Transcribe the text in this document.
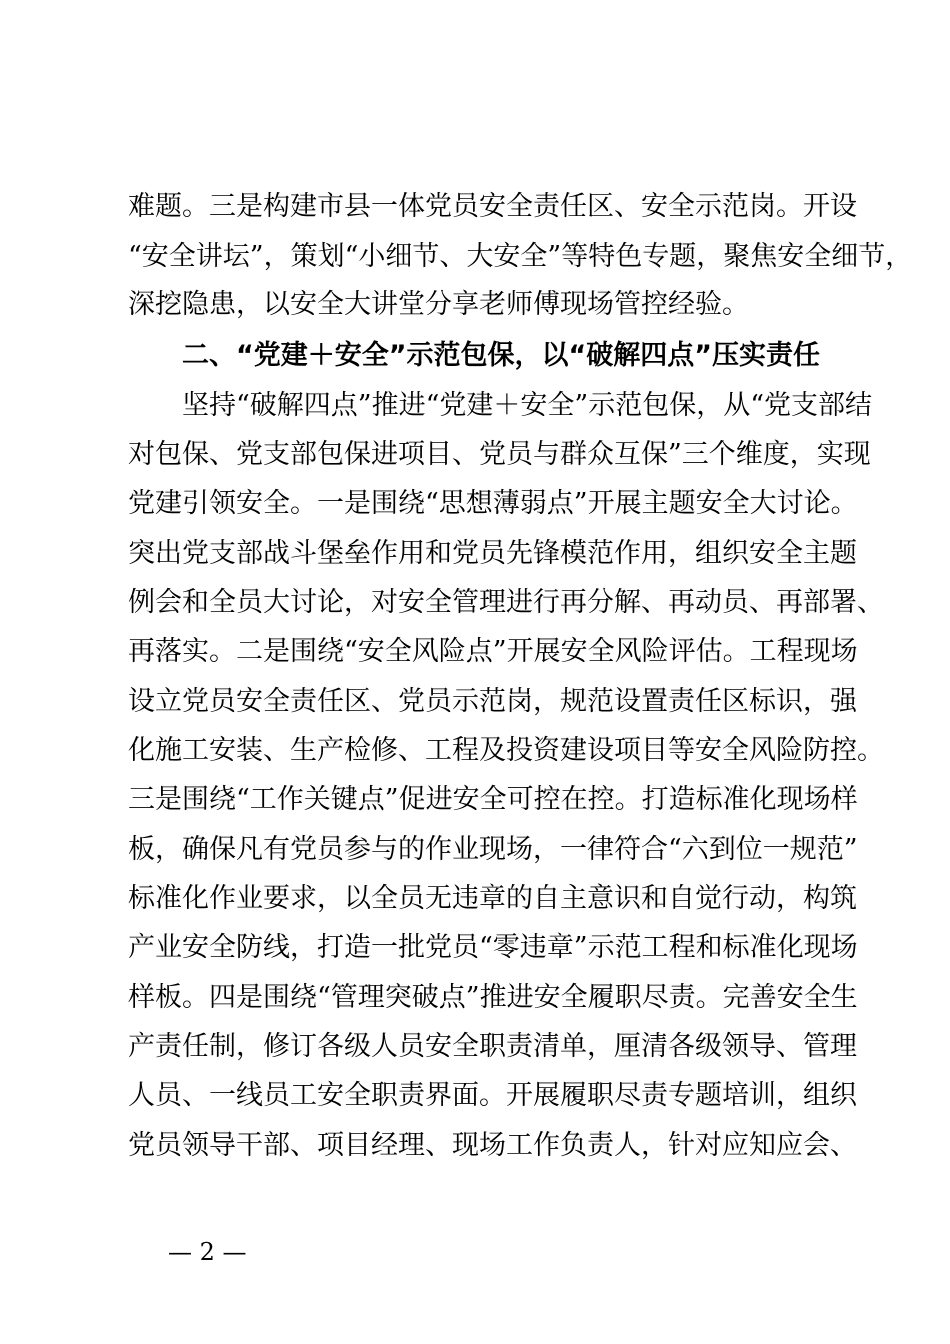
难题。三是构建市县一体党员安全责任区、安全示范岗。开设
“安全讲坛”，策划“小细节、大安全”等特色专题，聚焦安全细节，
深挖隐患，以安全大讲堂分享老师傅现场管控经验。
二、“党建＋安全”示范包保，以“破解四点”压实责任
坚持“破解四点”推进“党建＋安全”示范包保，从“党支部结
对包保、党支部包保进项目、党员与群众互保”三个维度，实现
党建引领安全。一是围绕“思想薄弱点”开展主题安全大讨论。
突出党支部战斗堡垒作用和党员先锋模范作用，组织安全主题
例会和全员大讨论，对安全管理进行再分解、再动员、再部署、
再落实。二是围绕“安全风险点”开展安全风险评估。工程现场
设立党员安全责任区、党员示范岗，规范设置责任区标识，强
化施工安装、生产检修、工程及投资建设项目等安全风险防控。
三是围绕“工作关键点”促进安全可控在控。打造标准化现场样
板，确保凡有党员参与的作业现场，一律符合“六到位一规范”
标准化作业要求，以全员无违章的自主意识和自觉行动，构筑
产业安全防线，打造一批党员“零违章”示范工程和标准化现场
样板。四是围绕“管理突破点”推进安全履职尽责。完善安全生
产责任制，修订各级人员安全职责清单，厘清各级领导、管理
人员、一线员工安全职责界面。开展履职尽责专题培训，组织
党员领导干部、项目经理、现场工作负责人，针对应知应会、
— 2 —
